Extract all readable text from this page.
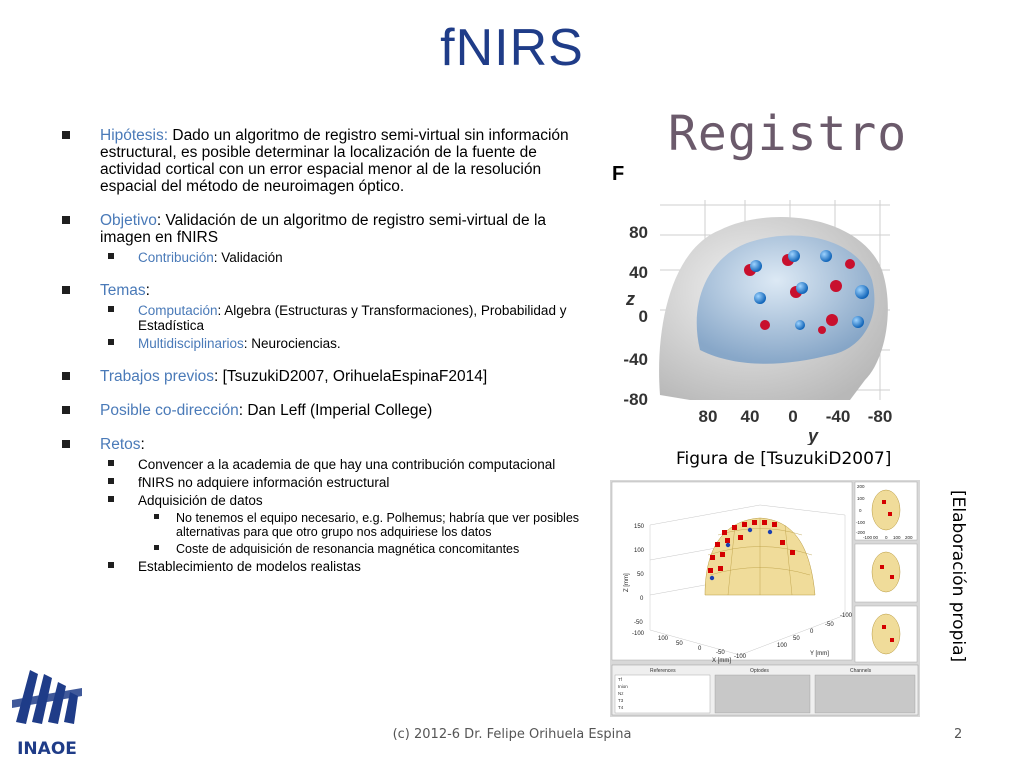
fNIRS
Registro
Hipótesis: Dado un algoritmo de registro semi-virtual sin información estructural, es posible determinar la localización de la fuente de actividad cortical con un error espacial menor al de la resolución espacial del método de neuroimagen óptico.
Objetivo: Validación de un algoritmo de registro semi-virtual de la imagen en fNIRS
Contribución: Validación
Temas:
Computación: Algebra (Estructuras y Transformaciones), Probabilidad y Estadística
Multidisciplinarios: Neurociencias.
Trabajos previos: [TsuzukiD2007, OrihuelaEspinaF2014]
Posible co-dirección: Dan Leff (Imperial College)
Retos:
Convencer a la academia de que hay una contribución computacional
fNIRS no adquiere información estructural
Adquisición de datos
No tenemos el equipo necesario, e.g. Polhemus; habría que ver posibles alternativas para que otro grupo nos adquiriese los datos
Coste de adquisición de resonancia magnética concomitantes
Establecimiento de modelos realistas
F
80
40
0
-40
-80
z
80 40 0 -40 -80
y
Figura de [TsuzukiD2007]
150
100
50
0
-50
-100
100
50
0
-50
-100
-100
-50
0
50
100
X [mm]
Y [mm]
Z [mm]
-100 00 0 100 200
200
100
0
-100
-200
References	Optodes	Channels
Tf
Inion
Nz
T3
T4
[Elaboración propia]
INAOE
(c) 2012-6 Dr. Felipe Orihuela Espina	2
